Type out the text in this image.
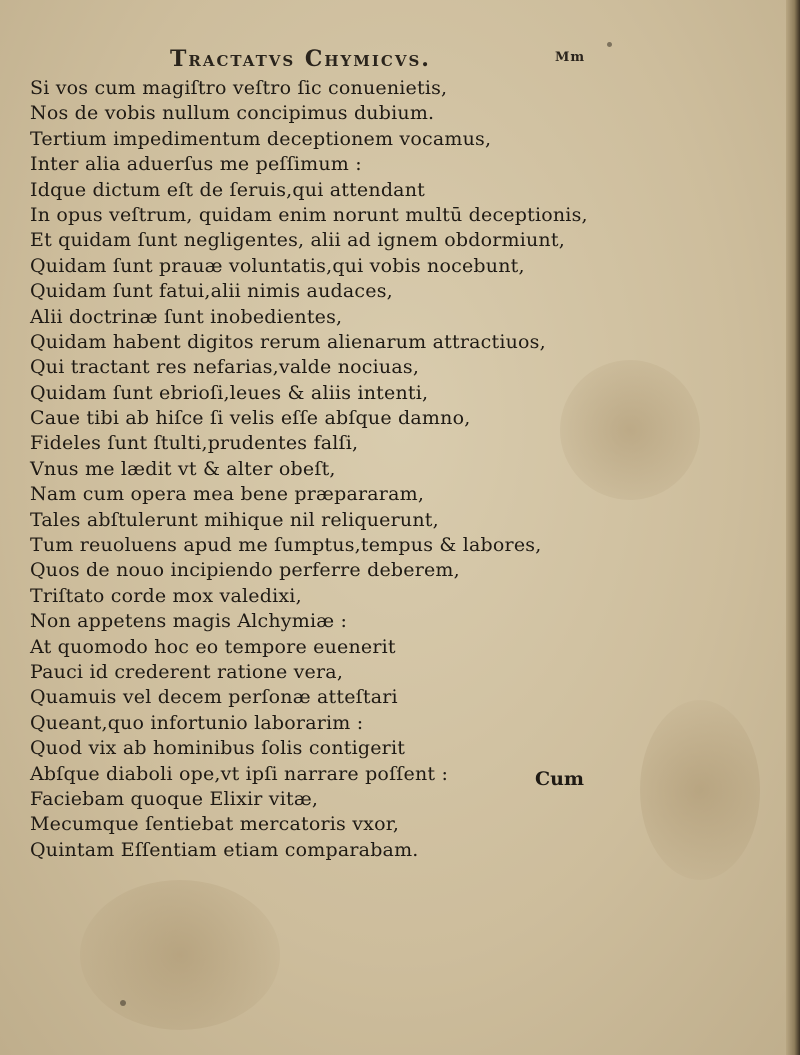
Tractatvs Chymicvs.	Mm
Si vos cum magiſtro veſtro ſic conuenietis,
Nos de vobis nullum concipimus dubium.
Tertium impedimentum deceptionem vocamus,
Inter alia aduerſus me peſſimum :
Idque dictum eſt de ſeruis,qui attendant
In opus veſtrum, quidam enim norunt multū deceptionis,
Et quidam ſunt negligentes, alii ad ignem obdormiunt,
Quidam ſunt prauæ voluntatis,qui vobis nocebunt,
Quidam ſunt fatui,alii nimis audaces,
Alii doctrinæ ſunt inobedientes,
Quidam habent digitos rerum alienarum attractiuos,
Qui tractant res nefarias,valde nociuas,
Quidam ſunt ebrioſi,leues & aliis intenti,
Caue tibi ab hiſce ſi velis eſſe abſque damno,
Fideles ſunt ſtulti,prudentes falſi,
Vnus me lædit vt & alter obeſt,
Nam cum opera mea bene præpararam,
Tales abſtulerunt mihique nil reliquerunt,
Tum reuoluens apud me ſumptus,tempus & labores,
Quos de nouo incipiendo perferre deberem,
Triſtato corde mox valedixi,
Non appetens magis Alchymiæ :
At quomodo hoc eo tempore euenerit
Pauci id crederent ratione vera,
Quamuis vel decem perſonæ atteſtari
Queant,quo infortunio laborarim :
Quod vix ab hominibus ſolis contigerit
Abſque diaboli ope,vt ipſi narrare poſſent :
Faciebam quoque Elixir vitæ,
Mecumque ſentiebat mercatoris vxor,
Quintam Eſſentiam etiam comparabam.
Cum
